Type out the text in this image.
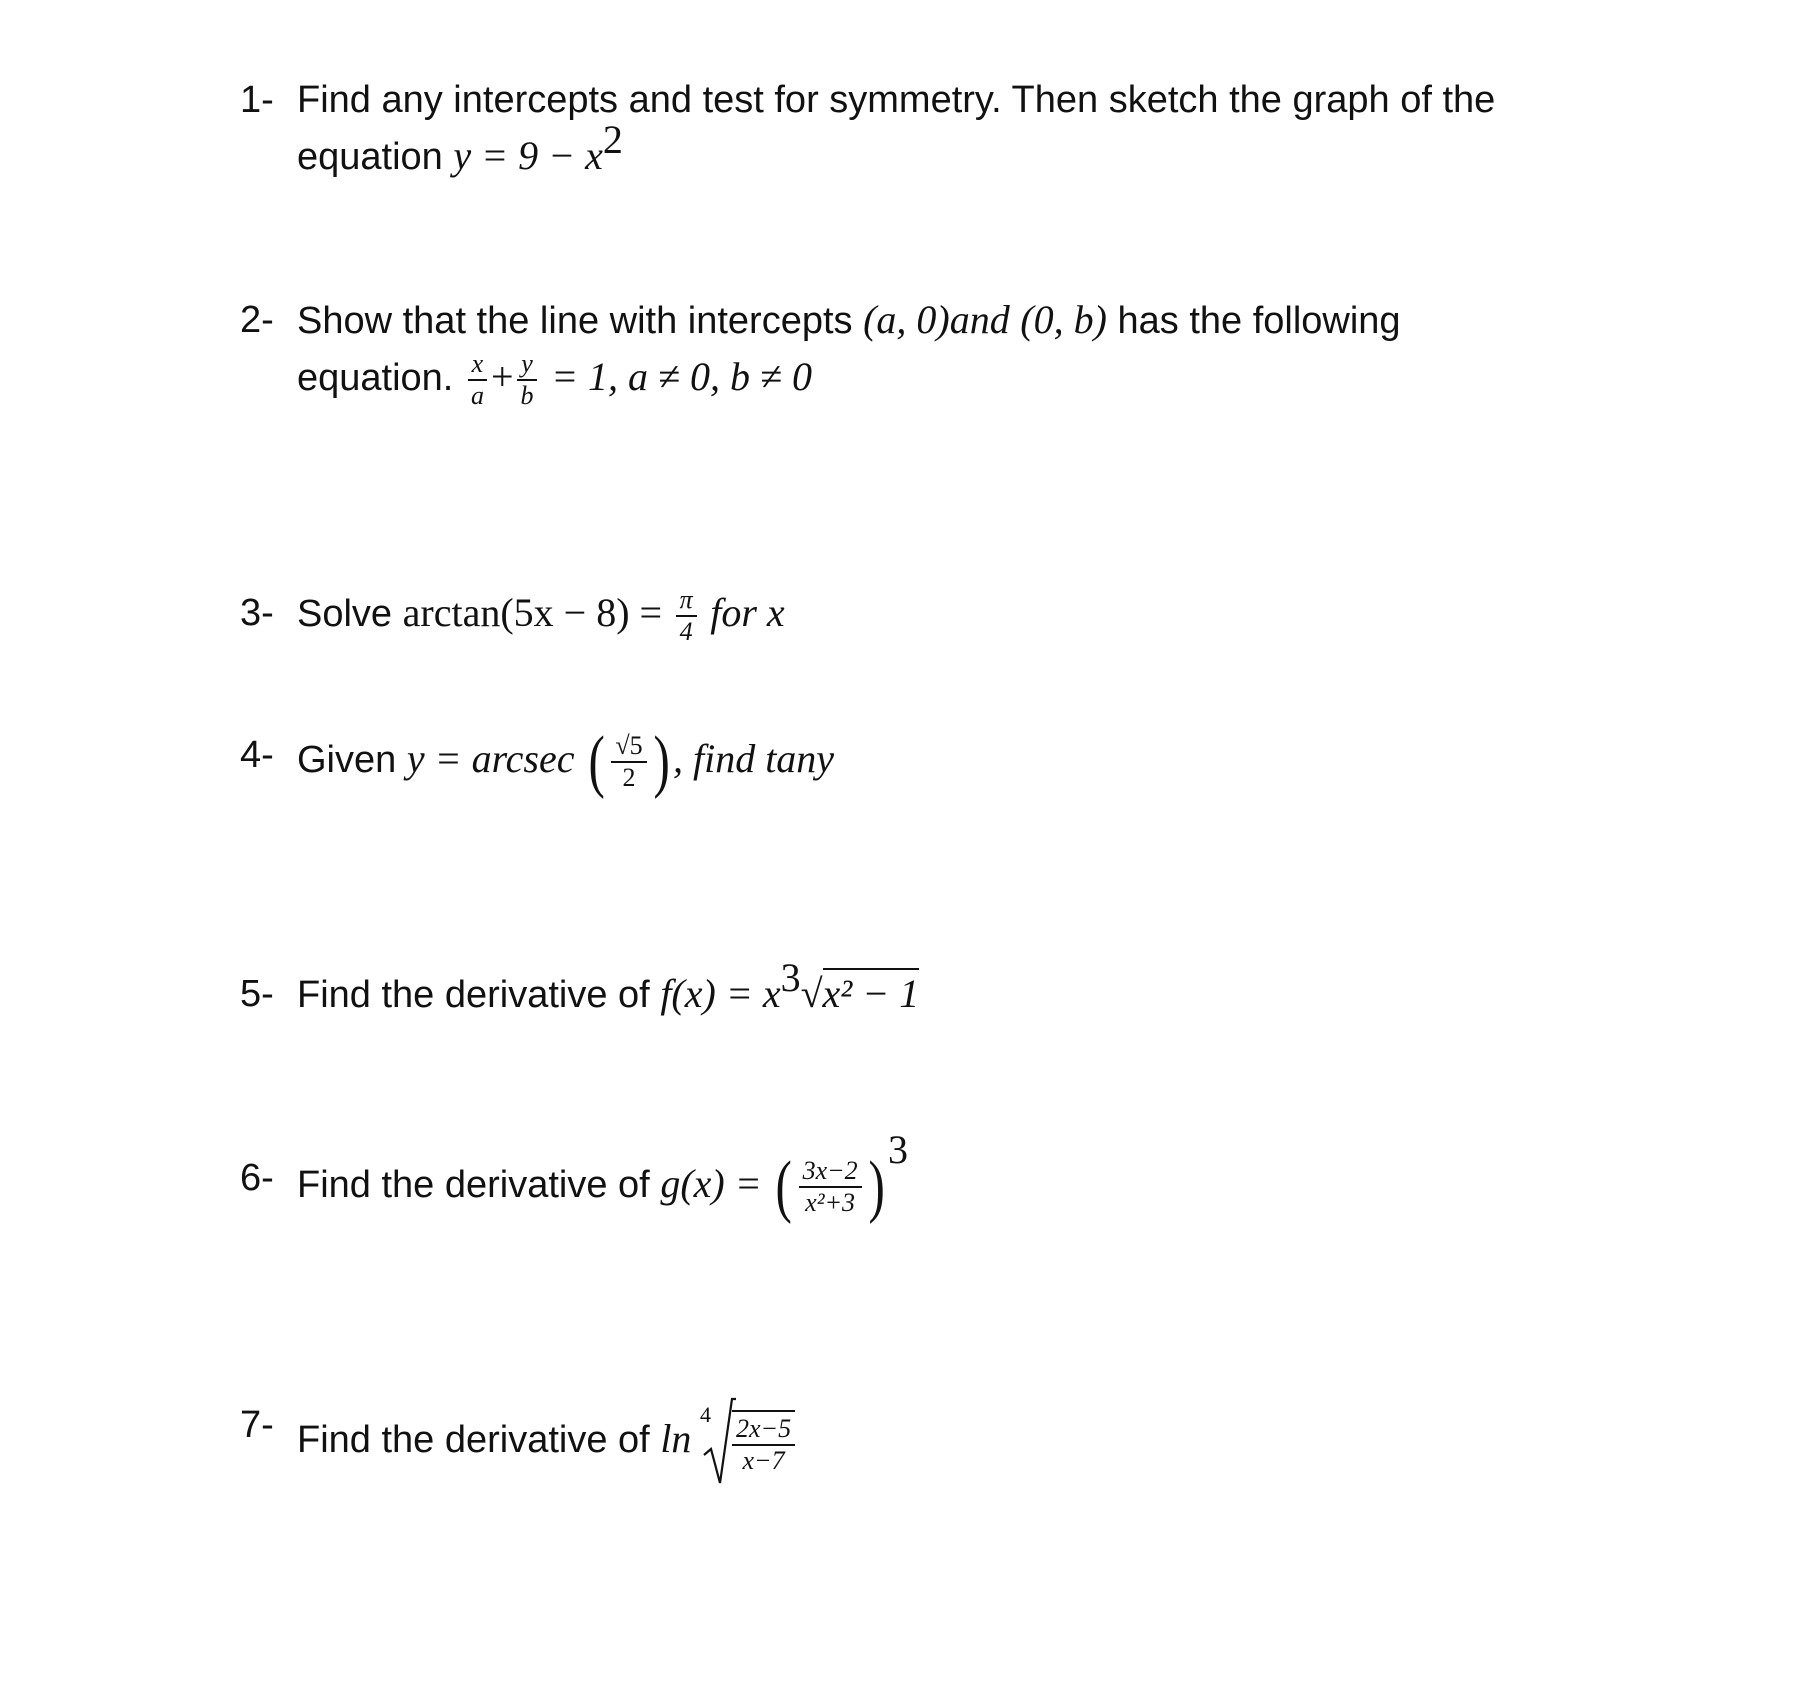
1- Find any intercepts and test for symmetry. Then sketch the graph of the
equation $y = 9 - x^2$
2- Show that the line with intercepts (a, 0)and (0, b) has the following
equation. $\frac{x}{a} + \frac{y}{b} = 1$, a ≠ 0, b ≠ 0
3- Solve $\arctan(5x - 8) = \frac{\pi}{4}$ for x
4- Given y = arcsec ( $\frac{√5}{2}$ ), find tany
5- Find the derivative of $f(x) = x^3√x^2 - 1$
6- Find the derivative of g(x) = ( $\frac{3x-2}{\text{x²+3}} )^3$
7- Find the derivative of ln
$4 \frac{2x-5}{x-7}$
